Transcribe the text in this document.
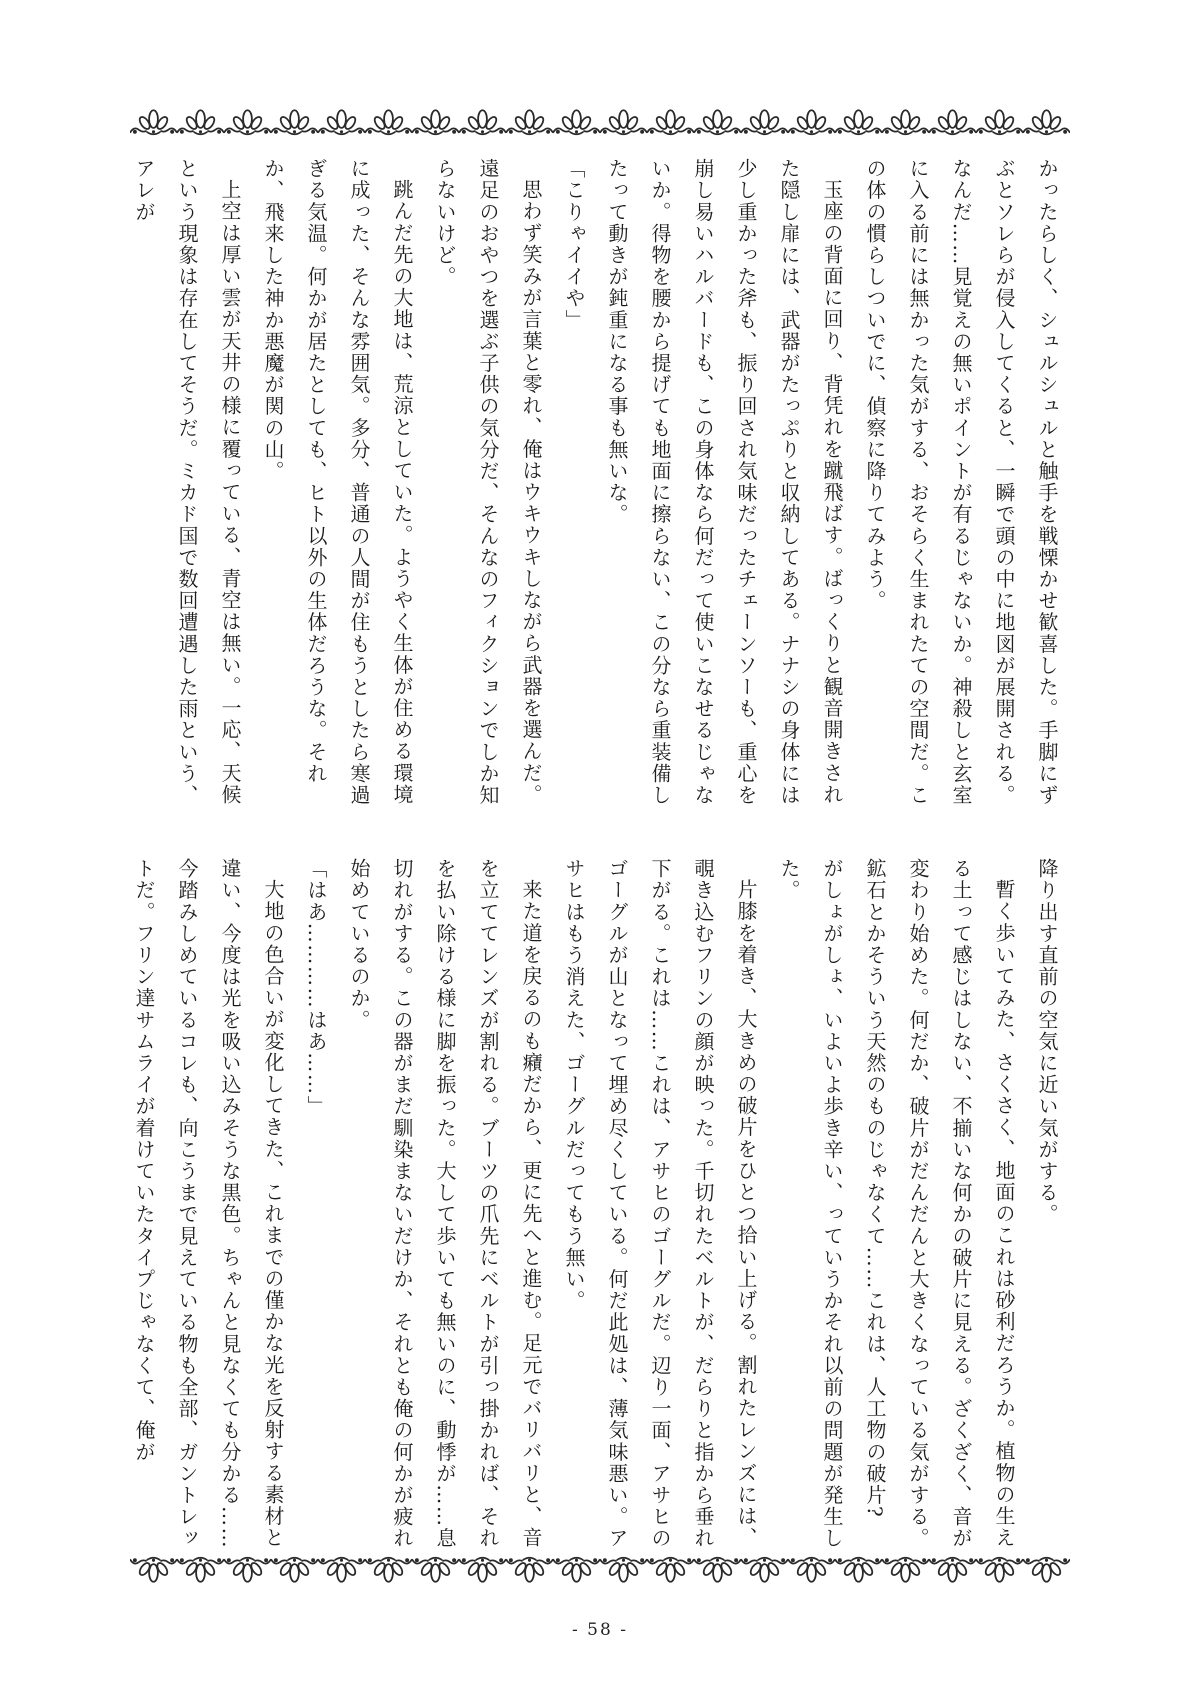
かったらしく、シュルシュルと触手を戦慄かせ歓喜した。手脚にずぶとソレらが侵入してくると、一瞬で頭の中に地図が展開される。なんだ……見覚えの無いポイントが有るじゃないか。神殺しと玄室に入る前には無かった気がする、おそらく生まれたての空間だ。この体の慣らしついでに、偵察に降りてみよう。

玉座の背面に回り、背凭れを蹴飛ばす。ばっくりと観音開きされた隠し扉には、武器がたっぷりと収納してある。ナナシの身体には少し重かった斧も、振り回され気味だったチェーンソーも、重心を崩し易いハルバードも、この身体なら何だって使いこなせるじゃないか。得物を腰から提げても地面に擦らない、この分なら重装備したって動きが鈍重になる事も無いな。

「こりゃイイや」

思わず笑みが言葉と零れ、俺はウキウキしながら武器を選んだ。遠足のおやつを選ぶ子供の気分だ、そんなのフィクションでしか知らないけど。

跳んだ先の大地は、荒涼としていた。ようやく生体が住める環境に成った、そんな雰囲気。多分、普通の人間が住もうとしたら寒過ぎる気温。何かが居たとしても、ヒト以外の生体だろうな。それか、飛来した神か悪魔が関の山。

上空は厚い雲が天井の様に覆っている、青空は無い。一応、天候という現象は存在してそうだ。ミカド国で数回遭遇した雨という、アレが

降り出す直前の空気に近い気がする。

暫く歩いてみた、さくさく、地面のこれは砂利だろうか。植物の生える土って感じはしない、不揃いな何かの破片に見える。ざくざく、音が変わり始めた。何だか、破片がだんだんと大きくなっている気がする。鉱石とかそういう天然のものじゃなくて……これは、人工物の破片?　がしょがしょ、いよいよ歩き辛い、っていうかそれ以前の問題が発生した。

片膝を着き、大きめの破片をひとつ拾い上げる。割れたレンズには、覗き込むフリンの顔が映った。千切れたベルトが、だらりと指から垂れ下がる。これは……これは、アサヒのゴーグルだ。辺り一面、アサヒのゴーグルが山となって埋め尽くしている。何だ此処は、薄気味悪い。アサヒはもう消えた、ゴーグルだってもう無い。

来た道を戻るのも癪だから、更に先へと進む。足元でバリバリと、音を立ててレンズが割れる。ブーツの爪先にベルトが引っ掛かれば、それを払い除ける様に脚を振った。大して歩いても無いのに、動悸が……息切れがする。この器がまだ馴染まないだけか、それとも俺の何かが疲れ始めているのか。

「はあ…………はあ……」

大地の色合いが変化してきた、これまでの僅かな光を反射する素材と違い、今度は光を吸い込みそうな黒色。ちゃんと見なくても分かる……今踏みしめているコレも、向こうまで見えている物も全部、ガントレットだ。フリン達サムライが着けていたタイプじゃなくて、俺が

- 58 -
